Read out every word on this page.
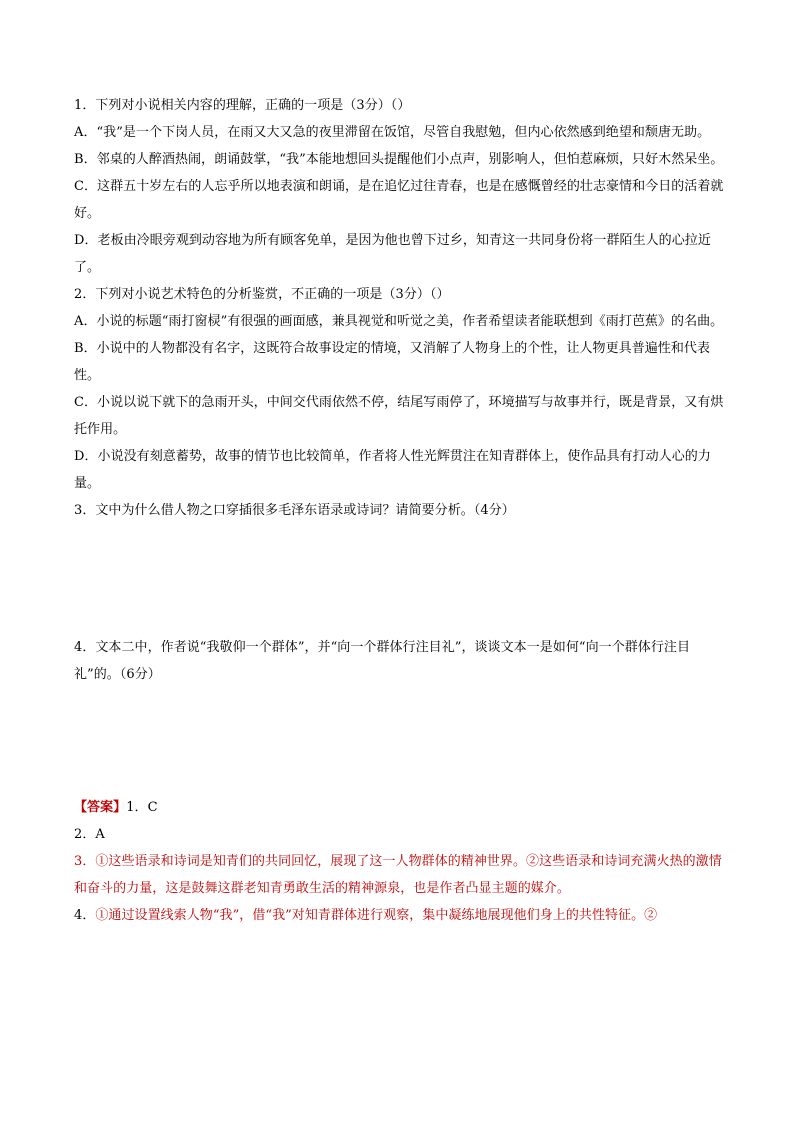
1．下列对小说相关内容的理解，正确的一项是（3分）（）

A．“我”是一个下岗人员，在雨又大又急的夜里滞留在饭馆，尽管自我慰勉，但内心依然感到绝望和颓唐无助。

B．邻桌的人醉酒热闹，朗诵鼓掌，“我”本能地想回头提醒他们小点声，别影响人，但怕惹麻烦，只好木然呆坐。

C．这群五十岁左右的人忘乎所以地表演和朗诵，是在追忆过往青春，也是在感慨曾经的壮志豪情和今日的活着就好。

D．老板由冷眼旁观到动容地为所有顾客免单，是因为他也曾下过乡，知青这一共同身份将一群陌生人的心拉近了。

2．下列对小说艺术特色的分析鉴赏，不正确的一项是（3分）（）

A．小说的标题“雨打窗棂”有很强的画面感，兼具视觉和听觉之美，作者希望读者能联想到《雨打芭蕉》的名曲。

B．小说中的人物都没有名字，这既符合故事设定的情境，又消解了人物身上的个性，让人物更具普遍性和代表性。

C．小说以说下就下的急雨开头，中间交代雨依然不停，结尾写雨停了，环境描写与故事并行，既是背景，又有烘托作用。

D．小说没有刻意蓄势，故事的情节也比较简单，作者将人性光辉贯注在知青群体上，使作品具有打动人心的力量。

3．文中为什么借人物之口穿插很多毛泽东语录或诗词？请简要分析。（4分）

4．文本二中，作者说“我敬仰一个群体”，并“向一个群体行注目礼”，谈谈文本一是如何“向一个群体行注目礼”的。（6分）

【答案】1．C

2．A

3．①这些语录和诗词是知青们的共同回忆，展现了这一人物群体的精神世界。②这些语录和诗词充满火热的激情和奋斗的力量，这是鼓舞这群老知青勇敢生活的精神源泉，也是作者凸显主题的媒介。

4．①通过设置线索人物“我”，借“我”对知青群体进行观察，集中凝练地展现他们身上的共性特征。②
